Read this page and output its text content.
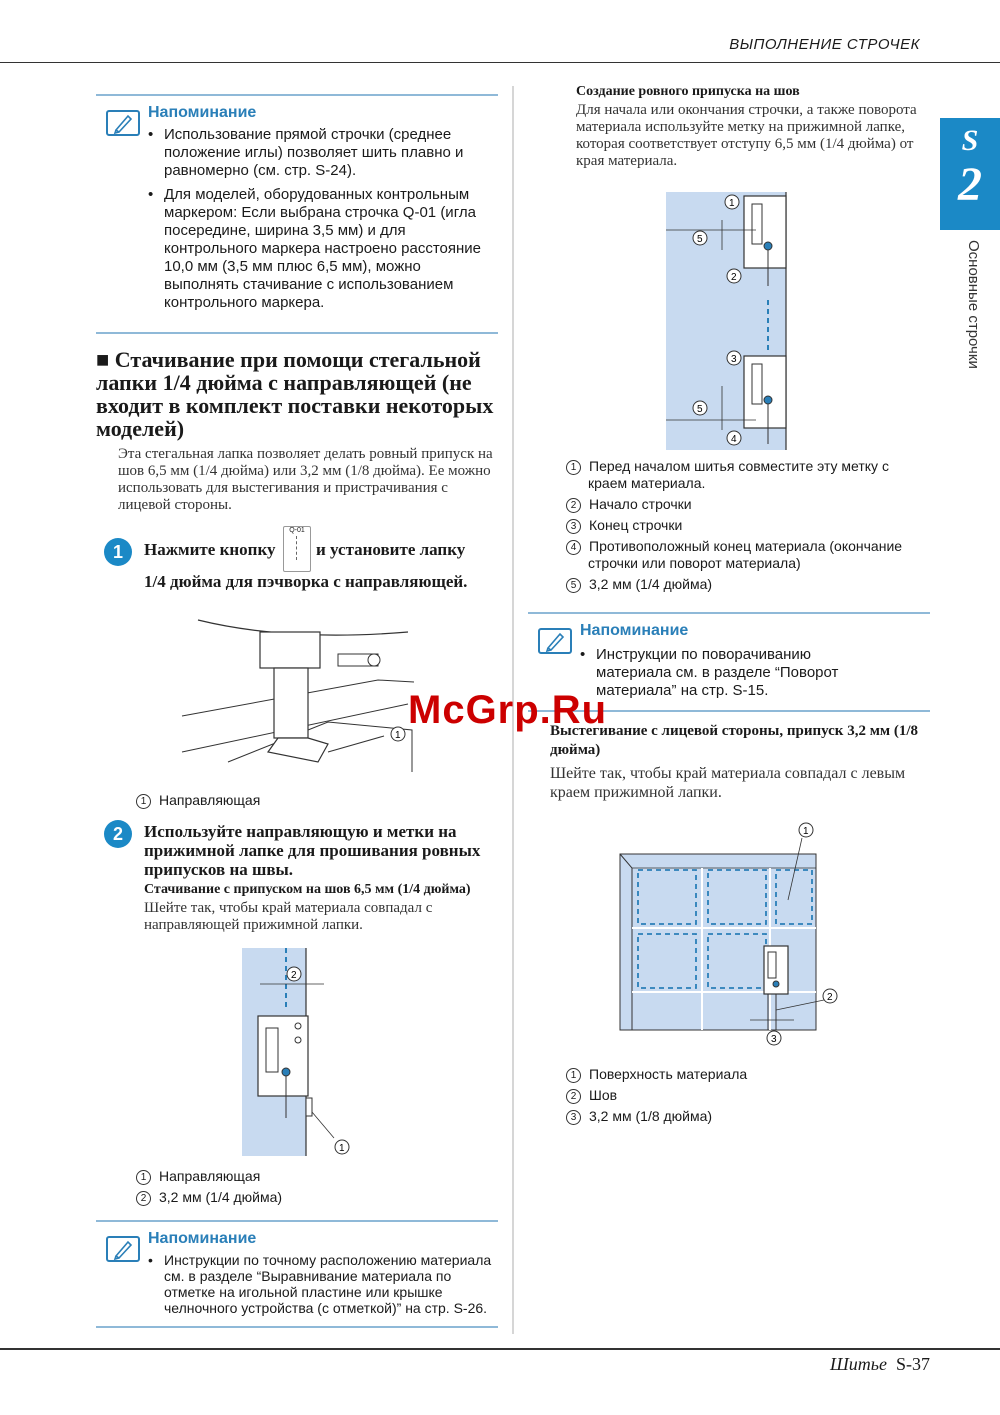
ВЫПОЛНЕНИЕ СТРОЧЕК
S
2
Основные строчки
Шитье S-37
Напоминание
• Использование прямой строчки (среднее положение иглы) позволяет шить плавно и равномерно (см. стр. S-24).
• Для моделей, оборудованных контрольным маркером: Если выбрана строчка Q-01 (игла посередине, ширина 3,5 мм) и для контрольного маркера настроено расстояние 10,0 мм (3,5 мм плюс 6,5 мм), можно выполнять стачивание с использованием контрольного маркера.
■ Стачивание при помощи стегальной лапки 1/4 дюйма с направляющей (не входит в комплект поставки некоторых моделей)
Эта стегальная лапка позволяет делать ровный припуск на шов 6,5 мм (1/4 дюйма) или 3,2 мм (1/8 дюйма). Ее можно использовать для выстегивания и пристрачивания с лицевой стороны.
1	Нажмите кнопку
Q-01
и установите лапку
1/4 дюйма для пэчворка с направляющей.
1
1 Направляющая
2	Используйте направляющую и метки на прижимной лапке для прошивания ровных припусков на швы.
Стачивание с припуском на шов 6,5 мм (1/4 дюйма)
Шейте так, чтобы край материала совпадал с направляющей прижимной лапки.
2
1
1 Направляющая
2 3,2 мм (1/4 дюйма)
Напоминание
• Инструкции по точному расположению материала см. в разделе “Выравнивание материала по отметке на игольной пластине или крышке челночного устройства (с отметкой)” на стр. S-26.
Создание ровного припуска на шов
Для начала или окончания строчки, а также поворота материала используйте метку на прижимной лапке, которая соответствует отступу 6,5 мм (1/4 дюйма) от края материала.
5
1
2
5
3
4
1 Перед началом шитья совместите эту метку с краем материала.
2 Начало строчки
3 Конец строчки
4 Противоположный конец материала (окончание строчки или поворот материала)
5 3,2 мм (1/4 дюйма)
Напоминание
• Инструкции по поворачиванию материала см. в разделе “Поворот материала” на стр. S-15.
McGrp.Ru
Выстегивание с лицевой стороны, припуск 3,2 мм (1/8 дюйма)
Шейте так, чтобы край материала совпадал с левым краем прижимной лапки.
1
2
3
1 Поверхность материала
2 Шов
3 3,2 мм (1/8 дюйма)
